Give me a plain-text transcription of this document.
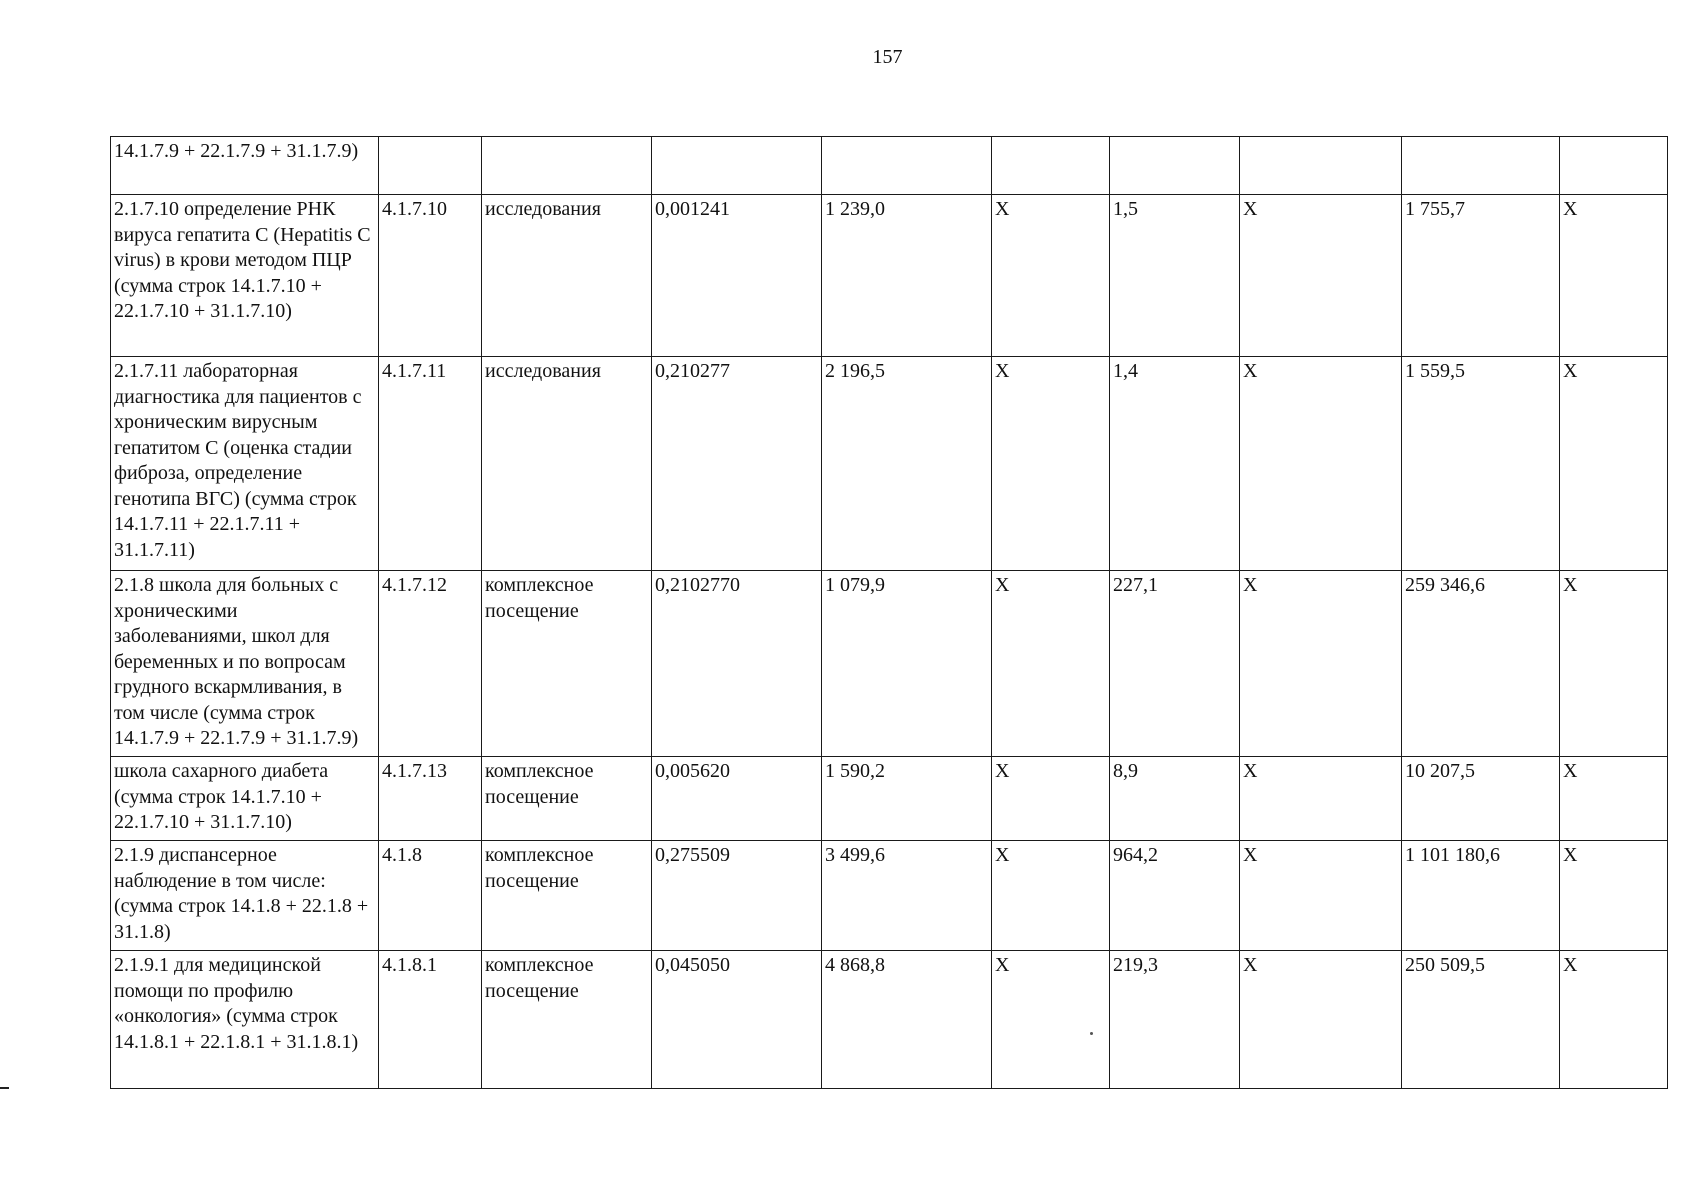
157
14.1.7.9 + 22.1.7.9 + 31.1.7.9)									
2.1.7.10 определение РНК вируса гепатита С (Hepatitis C virus) в крови методом ПЦР (сумма строк 14.1.7.10 + 22.1.7.10 + 31.1.7.10)	4.1.7.10	исследования	0,001241	1 239,0	X	1,5	X	1 755,7	X
2.1.7.11 лабораторная диагностика для пациентов с хроническим вирусным гепатитом С (оценка стадии фиброза, определение генотипа ВГС) (сумма строк 14.1.7.11 + 22.1.7.11 + 31.1.7.11)	4.1.7.11	исследования	0,210277	2 196,5	X	1,4	X	1 559,5	X
2.1.8 школа для больных с хроническими заболеваниями, школ для беременных и по вопросам грудного вскармливания, в том числе (сумма строк 14.1.7.9 + 22.1.7.9 + 31.1.7.9)	4.1.7.12	комплексное посещение	0,2102770	1 079,9	X	227,1	X	259 346,6	X
школа сахарного диабета (сумма строк 14.1.7.10 + 22.1.7.10 + 31.1.7.10)	4.1.7.13	комплексное посещение	0,005620	1 590,2	X	8,9	X	10 207,5	X
2.1.9 диспансерное наблюдение в том числе: (сумма строк 14.1.8 + 22.1.8 + 31.1.8)	4.1.8	комплексное посещение	0,275509	3 499,6	X	964,2	X	1 101 180,6	X
2.1.9.1 для медицинской помощи по профилю «онкология» (сумма строк 14.1.8.1 + 22.1.8.1 + 31.1.8.1)	4.1.8.1	комплексное посещение	0,045050	4 868,8	X	219,3	X	250 509,5	X
